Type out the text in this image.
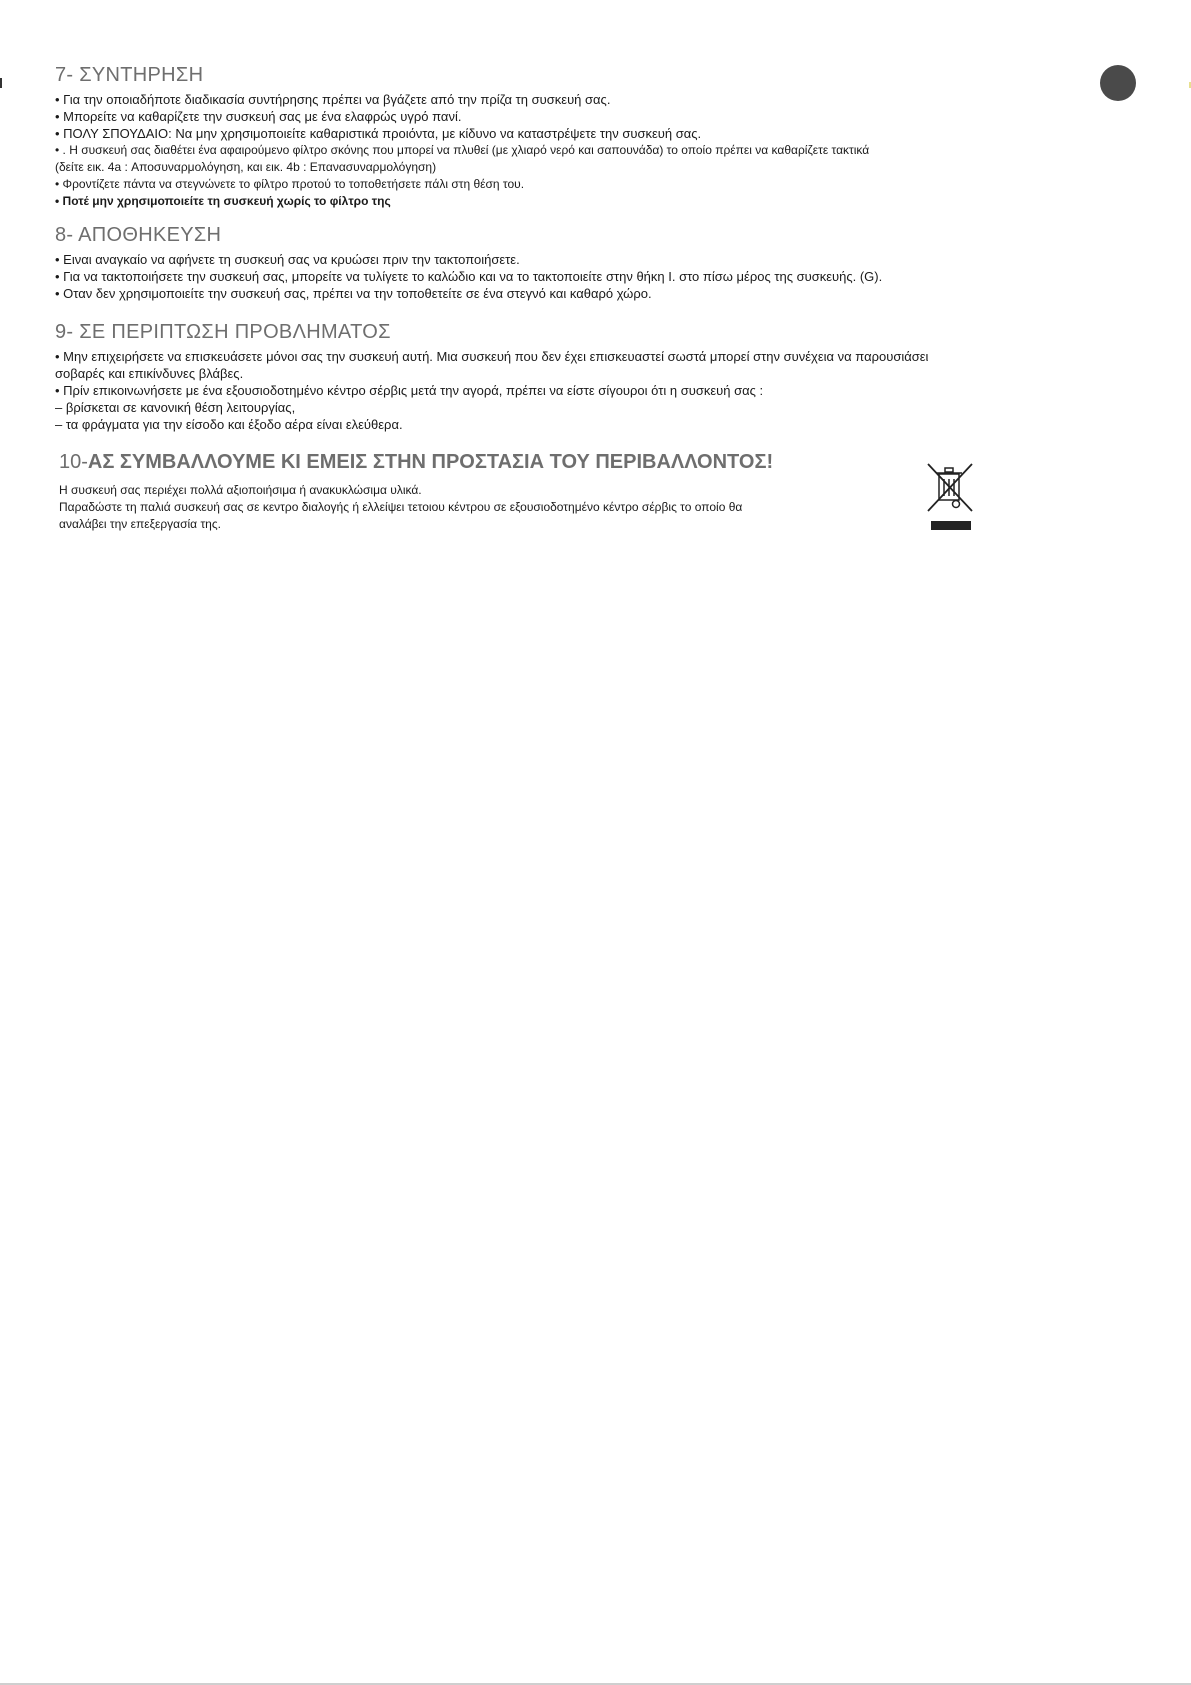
7- ΣΥΝΤΗΡΗΣΗ

• Για την οποιαδήποτε διαδικασία συντήρησης πρέπει να βγάζετε από την πρίζα τη συσκευή σας.

• Μπορείτε να καθαρίζετε την συσκευή σας με ένα ελαφρώς υγρό πανί.

• ΠΟΛΥ ΣΠΟΥΔΑΙΟ: Να μην χρησιμοποιείτε καθαριστικά προιόντα, με κίδυνο να καταστρέψετε την συσκευή σας.

• . Η συσκευή σας διαθέτει ένα αφαιρούμενο φίλτρο σκόνης που μπορεί να πλυθεί (με χλιαρό νερό και σαπουνάδα) το οποίο πρέπει να καθαρίζετε τακτικά

(δείτε εικ. 4a : Αποσυναρμολόγηση, και εικ. 4b : Επανασυναρμολόγηση)

• Φροντίζετε πάντα να στεγνώνετε το φίλτρο προτού το τοποθετήσετε πάλι στη θέση του.

• Ποτέ μην χρησιμοποιείτε τη συσκευή χωρίς το φίλτρο της

8- ΑΠΟΘΗΚΕΥΣΗ

• Ειναι αναγκαίο να αφήνετε τη συσκευή σας να κρυώσει πριν την τακτοποιήσετε.

• Για να τακτοποιήσετε την συσκευή σας, μπορείτε να τυλίγετε το καλώδιο και να το τακτοποιείτε στην θήκη I. στο πίσω μέρος της συσκευής. (G).

• Οταν δεν χρησιμοποιείτε την συσκευή σας, πρέπει να την τοποθετείτε σε ένα στεγνό και καθαρό χώρο.

9- ΣΕ ΠΕΡΙΠΤΩΣΗ ΠΡΟΒΛΗΜΑΤΟΣ

• Μην επιχειρήσετε να επισκευάσετε μόνοι σας την συσκευή αυτή. Μια συσκευή που δεν έχει επισκευαστεί σωστά μπορεί στην συνέχεια να παρουσιάσει

σοβαρές και επικίνδυνες βλάβες.

• Πρίν επικοινωνήσετε με ένα εξουσιοδοτημένο κέντρο σέρβις μετά την αγορά, πρέπει να είστε σίγουροι ότι η συσκευή σας :

– βρίσκεται σε κανονική θέση λειτουργίας,

– τα φράγματα για την είσοδο και έξοδο αέρα είναι ελεύθερα.

10-ΑΣ ΣΥΜΒΑΛΛΟΥΜΕ ΚΙ ΕΜΕΙΣ ΣΤΗΝ ΠΡΟΣΤΑΣΙΑ ΤΟΥ ΠΕΡΙΒΑΛΛΟΝΤΟΣ!

Η συσκευή σας περιέχει πολλά αξιοποιήσιμα ή ανακυκλώσιμα υλικά.

Παραδώστε τη παλιά συσκευή σας σε κεντρο διαλογής ή ελλείψει τετοιου κέντρου σε εξουσιοδοτημένο κέντρο σέρβις το οποίο θα

αναλάβει την επεξεργασία της.
